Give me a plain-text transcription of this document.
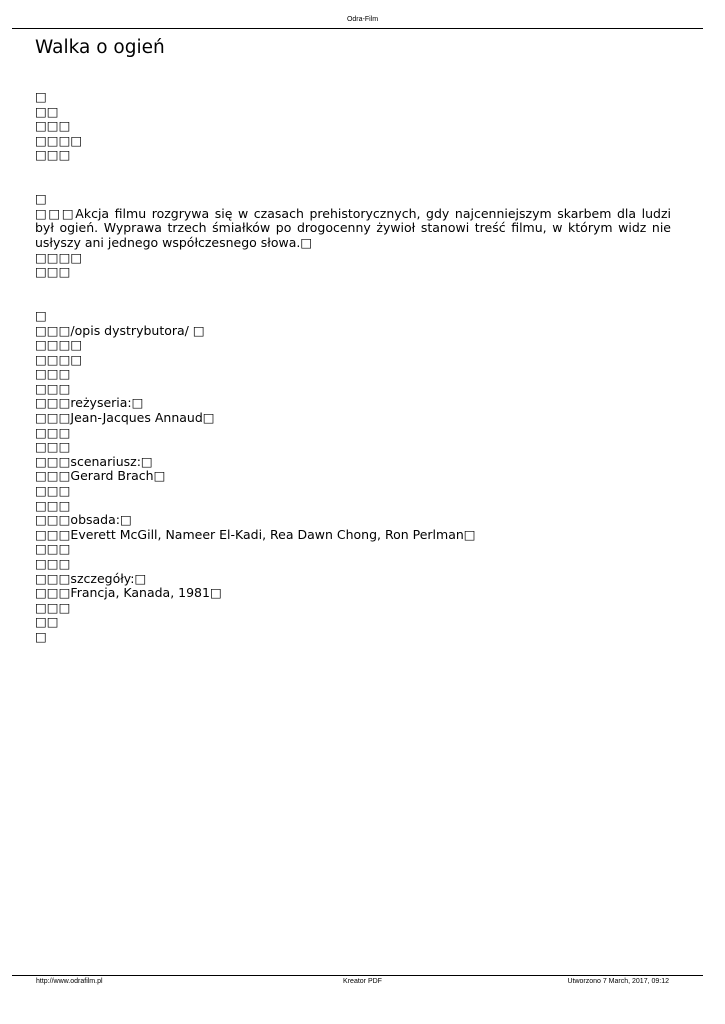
Odra-Film
Walka o ogień
□
□□
□□□
□□□□
□□□
□
□□□Akcja filmu rozgrywa się w czasach prehistorycznych, gdy najcenniejszym skarbem dla ludzi był ogień. Wyprawa trzech śmiałków po drogocenny żywioł stanowi treść filmu, w którym widz nie usłyszy ani jednego współczesnego słowa.□
□□□□
□□□
□
□□□/opis dystrybutora/ □
□□□□
□□□□
□□□
□□□
□□□reżyseria:□
□□□Jean-Jacques Annaud□
□□□
□□□
□□□scenariusz:□
□□□Gerard Brach□
□□□
□□□
□□□obsada:□
□□□Everett McGill, Nameer El-Kadi, Rea Dawn Chong, Ron Perlman□
□□□
□□□
□□□szczegóły:□
□□□Francja, Kanada, 1981□
□□□
□□
□
http://www.odrafilm.pl	Kreator PDF	Utworzono 7 March, 2017, 09:12
